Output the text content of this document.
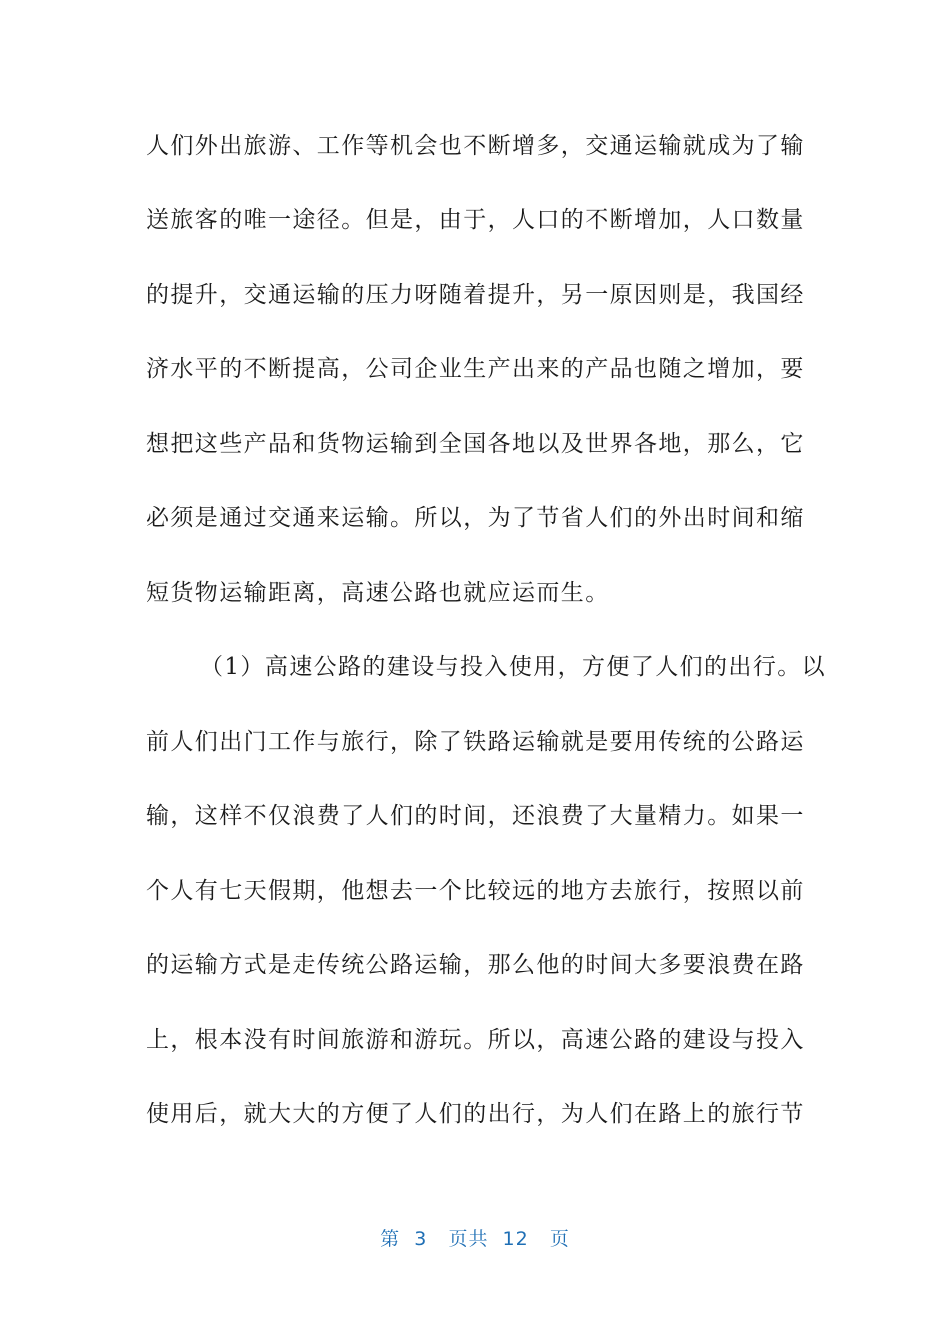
人们外出旅游、工作等机会也不断增多，交通运输就成为了输
送旅客的唯一途径。但是，由于，人口的不断增加，人口数量
的提升，交通运输的压力呀随着提升，另一原因则是，我国经
济水平的不断提高，公司企业生产出来的产品也随之增加，要
想把这些产品和货物运输到全国各地以及世界各地，那么，它
必须是通过交通来运输。所以，为了节省人们的外出时间和缩
短货物运输距离，高速公路也就应运而生。
（1）高速公路的建设与投入使用，方便了人们的出行。以
前人们出门工作与旅行，除了铁路运输就是要用传统的公路运
输，这样不仅浪费了人们的时间，还浪费了大量精力。如果一
个人有七天假期，他想去一个比较远的地方去旅行，按照以前
的运输方式是走传统公路运输，那么他的时间大多要浪费在路
上，根本没有时间旅游和游玩。所以，高速公路的建设与投入
使用后，就大大的方便了人们的出行，为人们在路上的旅行节
第  3   页共  12   页
